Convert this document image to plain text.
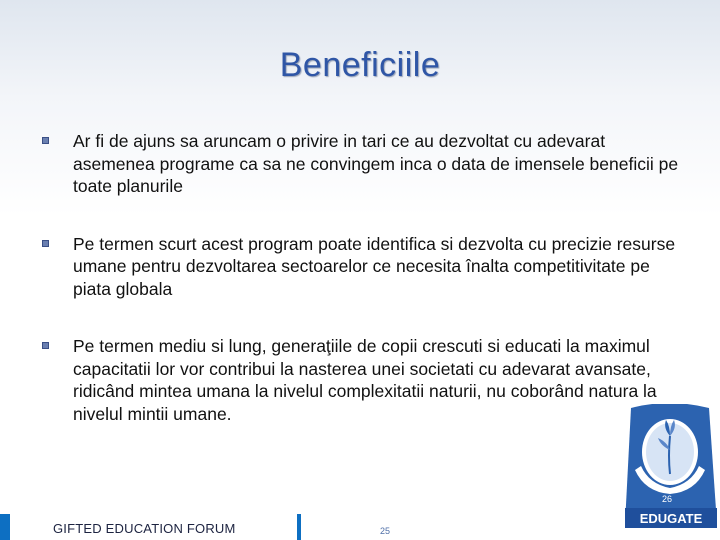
Beneficiile
Ar fi de ajuns sa aruncam o privire in tari ce au dezvoltat cu adevarat asemenea programe ca sa ne convingem inca o data de imensele beneficii pe toate planurile
Pe termen scurt acest program poate identifica si dezvolta cu precizie resurse umane pentru dezvoltarea sectoarelor ce necesita înalta competitivitate pe piata globala
Pe termen mediu si lung, generaţiile de copii crescuti si educati la maximul capacitatii lor vor contribui la nasterea unei societati cu adevarat avansate, ridicând mintea umana la nivelul complexitatii naturii, nu coborând natura la nivelul mintii umane.
GIFTED EDUCATION FORUM	25
EDUGATE
26
